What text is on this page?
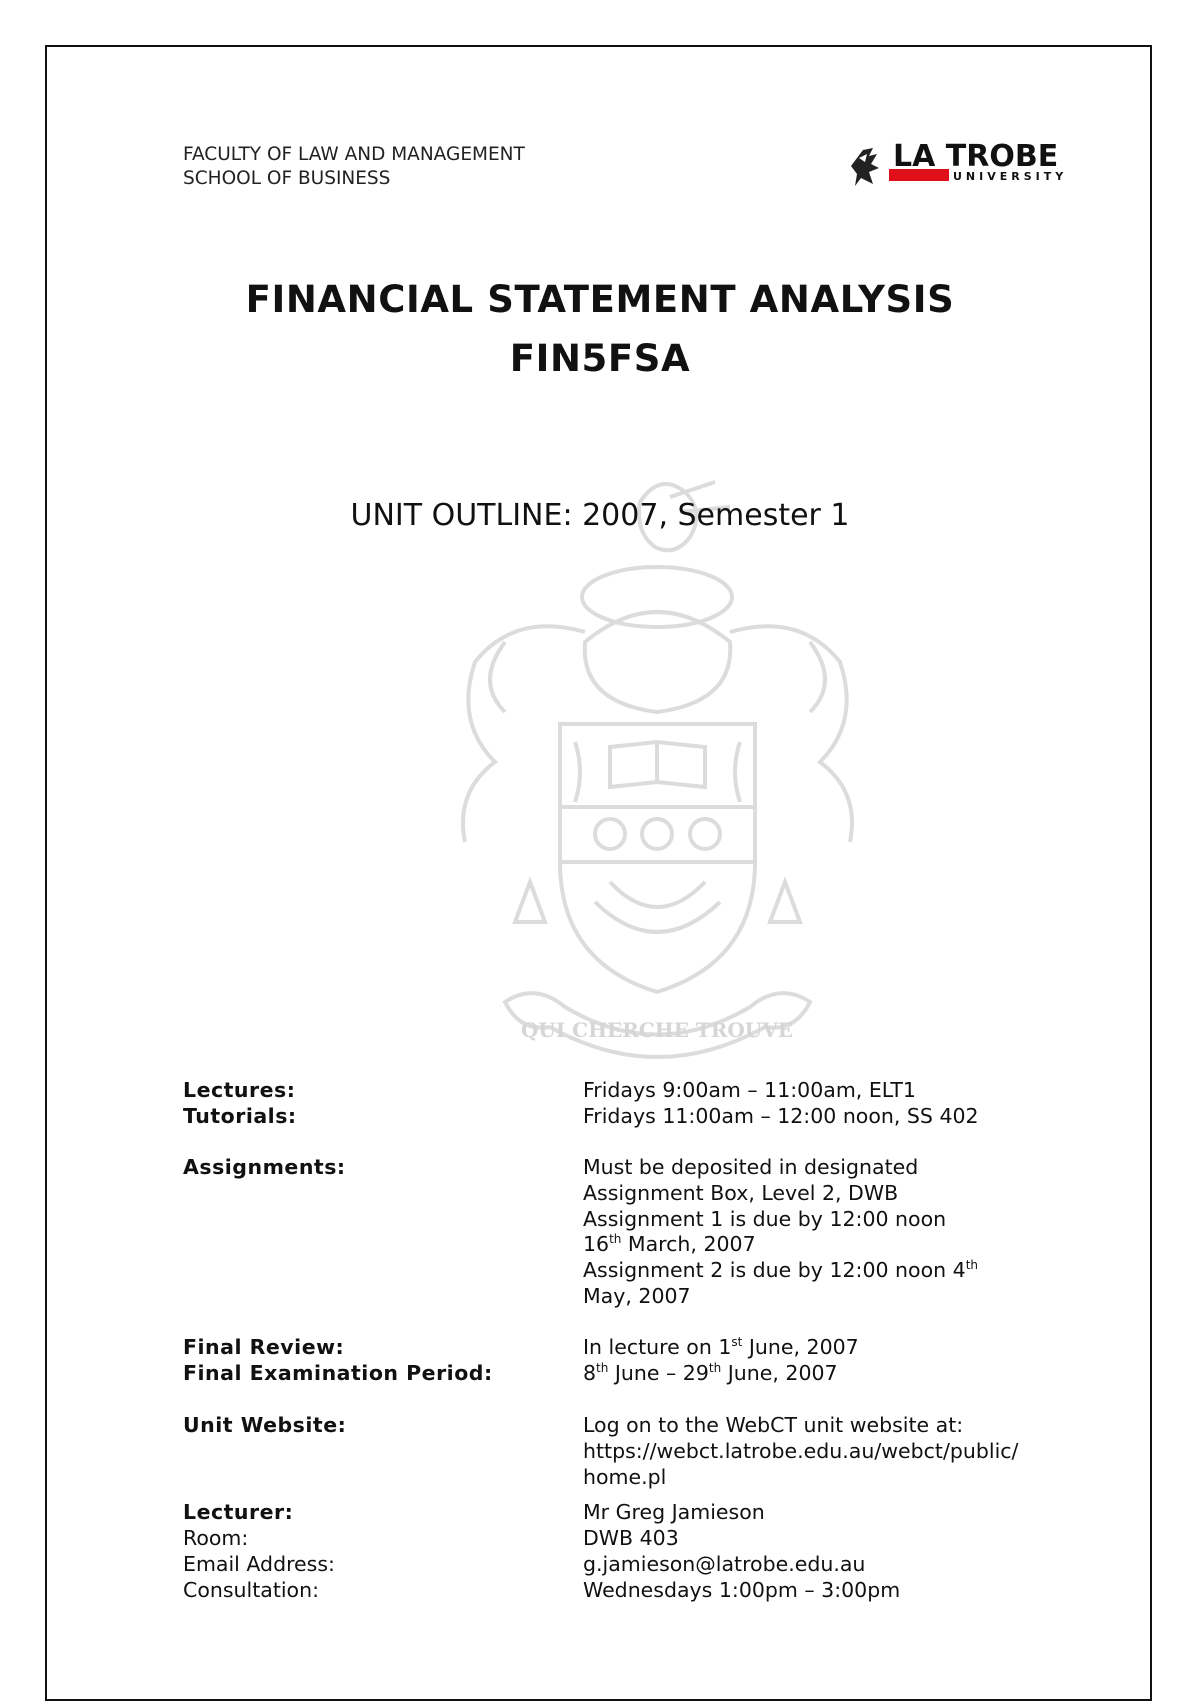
FACULTY OF LAW AND MANAGEMENT
SCHOOL OF BUSINESS
LA TROBE
UNIVERSITY
FINANCIAL STATEMENT ANALYSIS
FIN5FSA
QUI CHERCHE TROUVE
UNIT OUTLINE: 2007, Semester 1
Lectures:	Fridays 9:00am – 11:00am, ELT1
Tutorials:	Fridays 11:00am – 12:00 noon, SS 402
Assignments:	Must be deposited in designated
Assignment Box, Level 2, DWB
Assignment 1 is due by 12:00 noon
16th March, 2007
Assignment 2 is due by 12:00 noon 4th
May, 2007
Final Review:	In lecture on 1st June, 2007
Final Examination Period:	8th June – 29th June, 2007
Unit Website:	Log on to the WebCT unit website at:
https://webct.latrobe.edu.au/webct/public/
home.pl
Lecturer:	Mr Greg Jamieson
Room:	DWB 403
Email Address:	g.jamieson@latrobe.edu.au
Consultation:	Wednesdays 1:00pm – 3:00pm
